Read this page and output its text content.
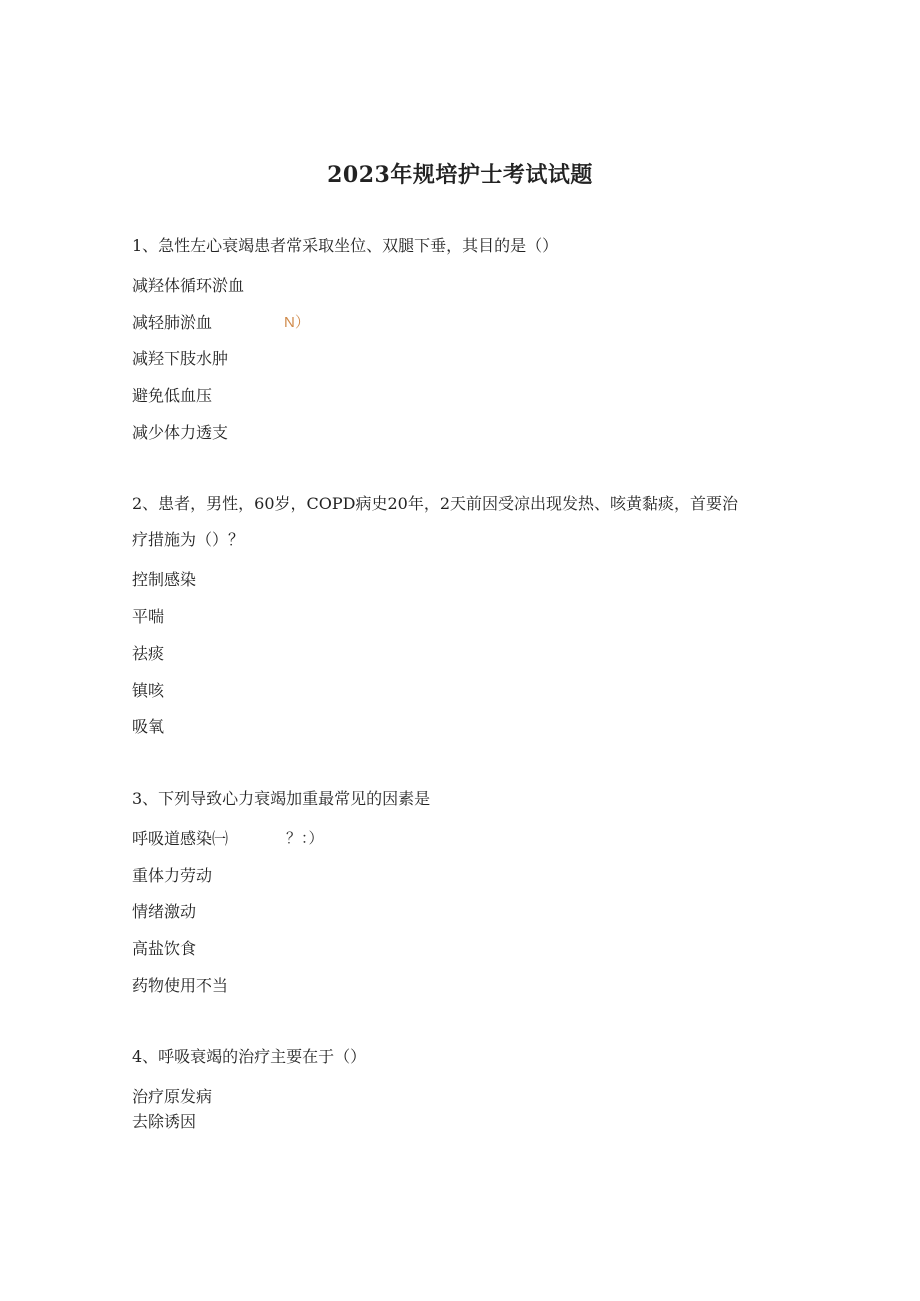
2023年规培护士考试试题
1、急性左心衰竭患者常采取坐位、双腿下垂，其目的是（）
减羟体循环淤血
减轻肺淤血	N）
减羟下肢水肿
避免低血压
减少体力透支
2、患者，男性，60岁，COPD病史20年，2天前因受凉出现发热、咳黄黏痰，首要治
疗措施为（）？
控制感染
平喘
祛痰
镇咳
吸氧
3、下列导致心力衰竭加重最常见的因素是
呼吸道感染㈠	？：）
重体力劳动
情绪激动
高盐饮食
药物使用不当
4、呼吸衰竭的治疗主要在于（）
治疗原发病
去除诱因
